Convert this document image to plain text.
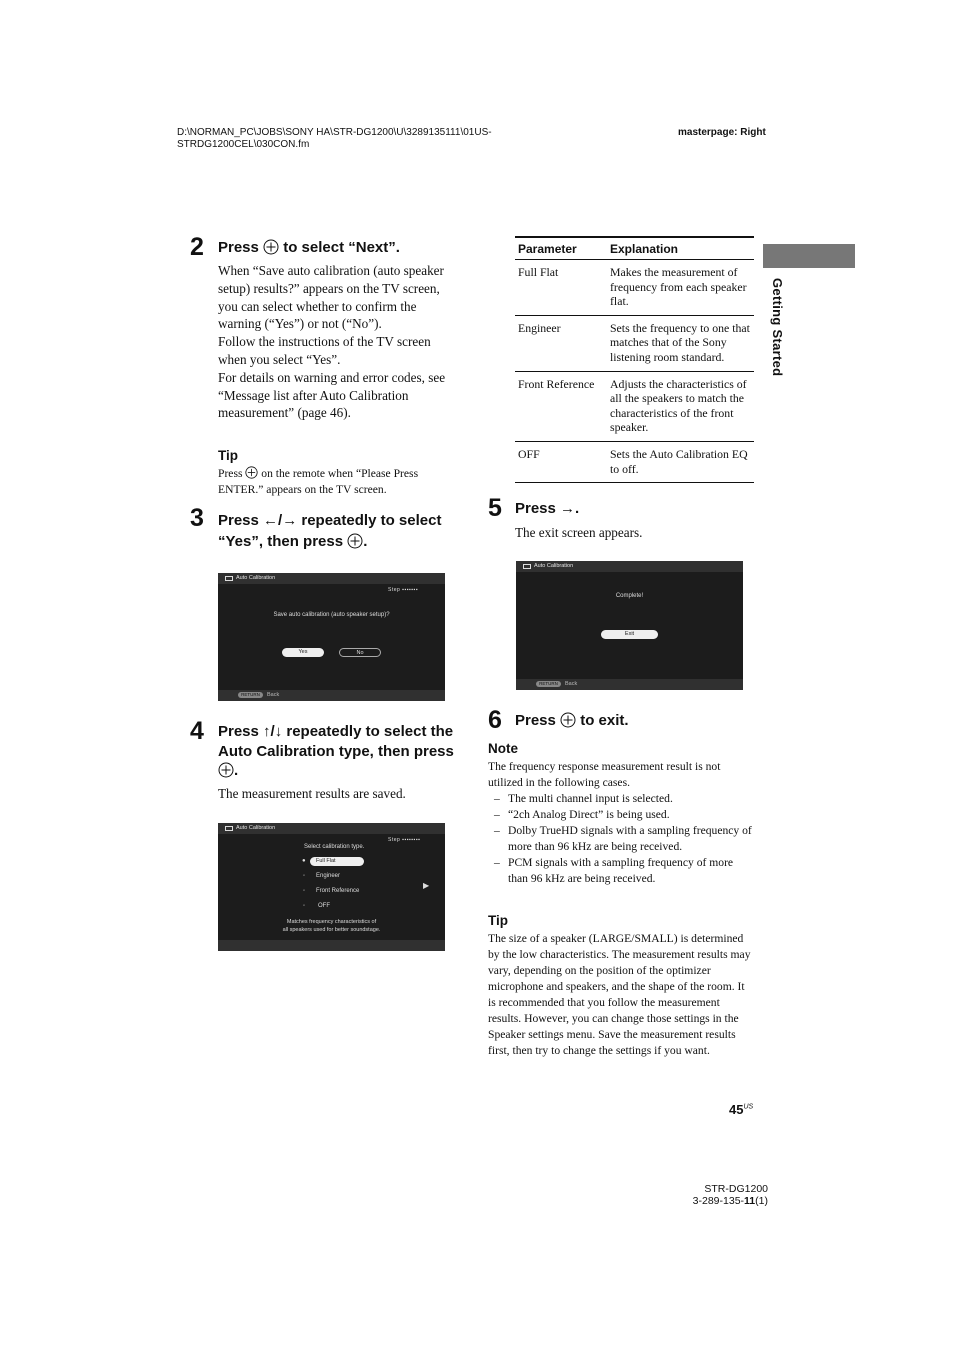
D:\NORMAN_PC\JOBS\SONY HA\STR-DG1200\U\3289135111\01US-
STRDG1200CEL\030CON.fm
masterpage: Right
Getting Started
2 Press  to select “Next”.
When “Save auto calibration (auto speaker setup) results?” appears on the TV screen, you can select whether to confirm the warning (“Yes”) or not (“No”).
Follow the instructions of the TV screen when you select “Yes”.
For details on warning and error codes, see “Message list after Auto Calibration measurement” (page 46).
Tip
Press  on the remote when “Please Press ENTER.” appears on the TV screen.
3 Press ←/→ repeatedly to select “Yes”, then press .
Auto Calibration
Step ▪▪▪▪▪▪▪
Save auto calibration (auto speaker setup)?
Yes	No
RETURN	Back
4 Press ↑/↓ repeatedly to select the Auto Calibration type, then press .
The measurement results are saved.
Auto Calibration
Step ▪▪▪▪▪▪▪▪
Select calibration type.
●	Full Flat
◦ Engineer
◦ Front Reference
◦ OFF
▶
Matches frequency characteristics of
all speakers used for better soundstage.
Parameter	Explanation
Full Flat	Makes the measurement of frequency from each speaker flat.
Engineer	Sets the frequency to one that matches that of the Sony listening room standard.
Front Reference	Adjusts the characteristics of all the speakers to match the characteristics of the front speaker.
OFF	Sets the Auto Calibration EQ to off.
5 Press →.
The exit screen appears.
Auto Calibration
Complete!
Exit
RETURN	Back
6 Press  to exit.
Note
The frequency response measurement result is not utilized in the following cases.
– The multi channel input is selected.
– “2ch Analog Direct” is being used.
– Dolby TrueHD signals with a sampling frequency of more than 96 kHz are being received.
– PCM signals with a sampling frequency of more than 96 kHz are being received.
Tip
The size of a speaker (LARGE/SMALL) is determined by the low characteristics. The measurement results may vary, depending on the position of the optimizer microphone and speakers, and the shape of the room. It is recommended that you follow the measurement results. However, you can change those settings in the Speaker settings menu. Save the measurement results first, then try to change the settings if you want.
$45^{US}$
STR-DG1200
3-289-135-11(1)
